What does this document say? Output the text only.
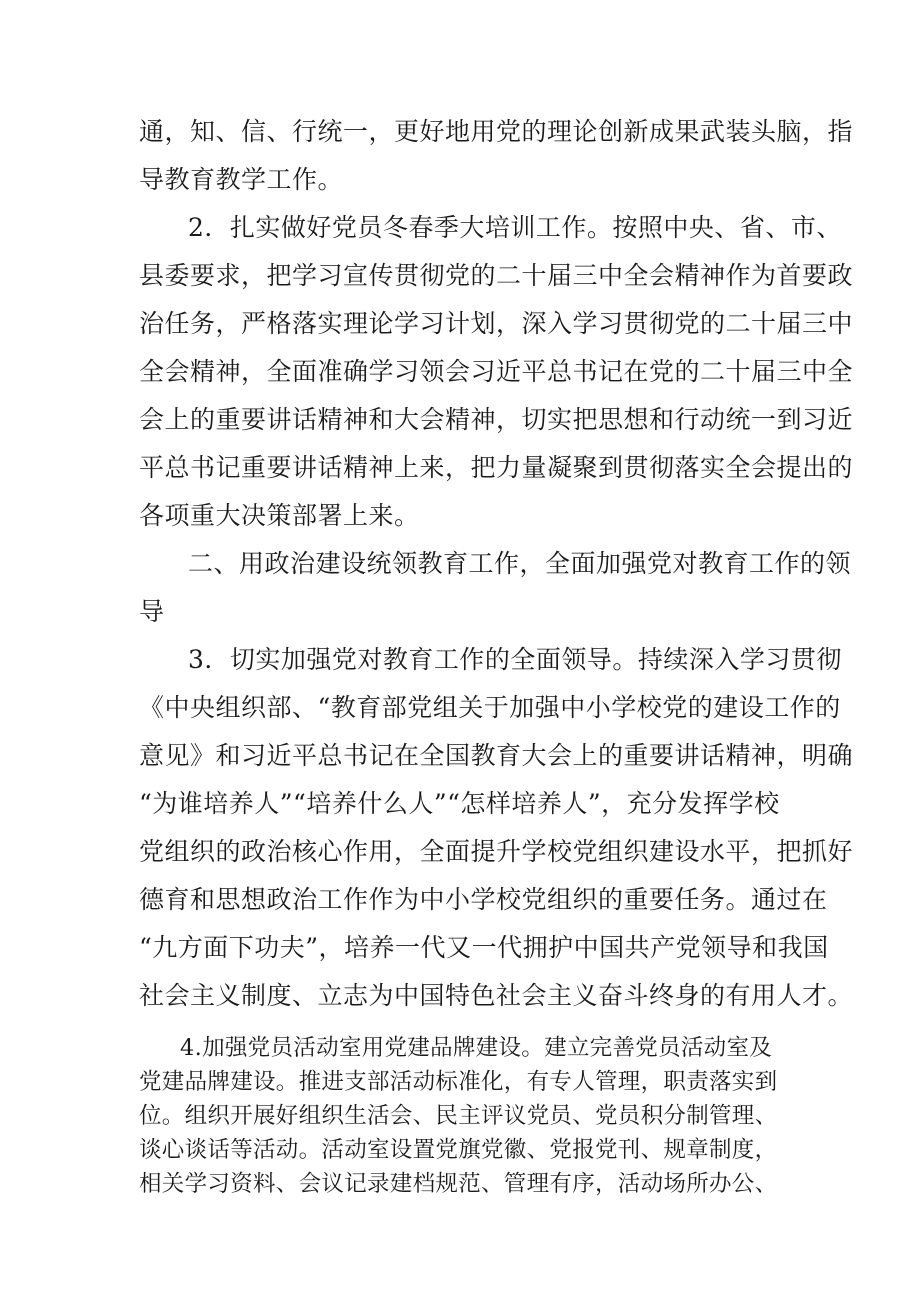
通，知、信、行统一，更好地用党的理论创新成果武装头脑，指
导教育教学工作。
2．扎实做好党员冬春季大培训工作。按照中央、省、市、
县委要求，把学习宣传贯彻党的二十届三中全会精神作为首要政
治任务，严格落实理论学习计划，深入学习贯彻党的二十届三中
全会精神，全面准确学习领会习近平总书记在党的二十届三中全
会上的重要讲话精神和大会精神，切实把思想和行动统一到习近
平总书记重要讲话精神上来，把力量凝聚到贯彻落实全会提出的
各项重大决策部署上来。
二、用政治建设统领教育工作，全面加强党对教育工作的领
导
3．切实加强党对教育工作的全面领导。持续深入学习贯彻
《中央组织部、“教育部党组关于加强中小学校党的建设工作的
意见》和习近平总书记在全国教育大会上的重要讲话精神，明确
“为谁培养人”“培养什么人”“怎样培养人”，充分发挥学校
党组织的政治核心作用，全面提升学校党组织建设水平，把抓好
德育和思想政治工作作为中小学校党组织的重要任务。通过在
“九方面下功夫”，培养一代又一代拥护中国共产党领导和我国
社会主义制度、立志为中国特色社会主义奋斗终身的有用人才。
4.加强党员活动室用党建品牌建设。建立完善党员活动室及
党建品牌建设。推进支部活动标准化，有专人管理，职责落实到
位。组织开展好组织生活会、民主评议党员、党员积分制管理、
谈心谈话等活动。活动室设置党旗党徽、党报党刊、规章制度，
相关学习资料、会议记录建档规范、管理有序，活动场所办公、
